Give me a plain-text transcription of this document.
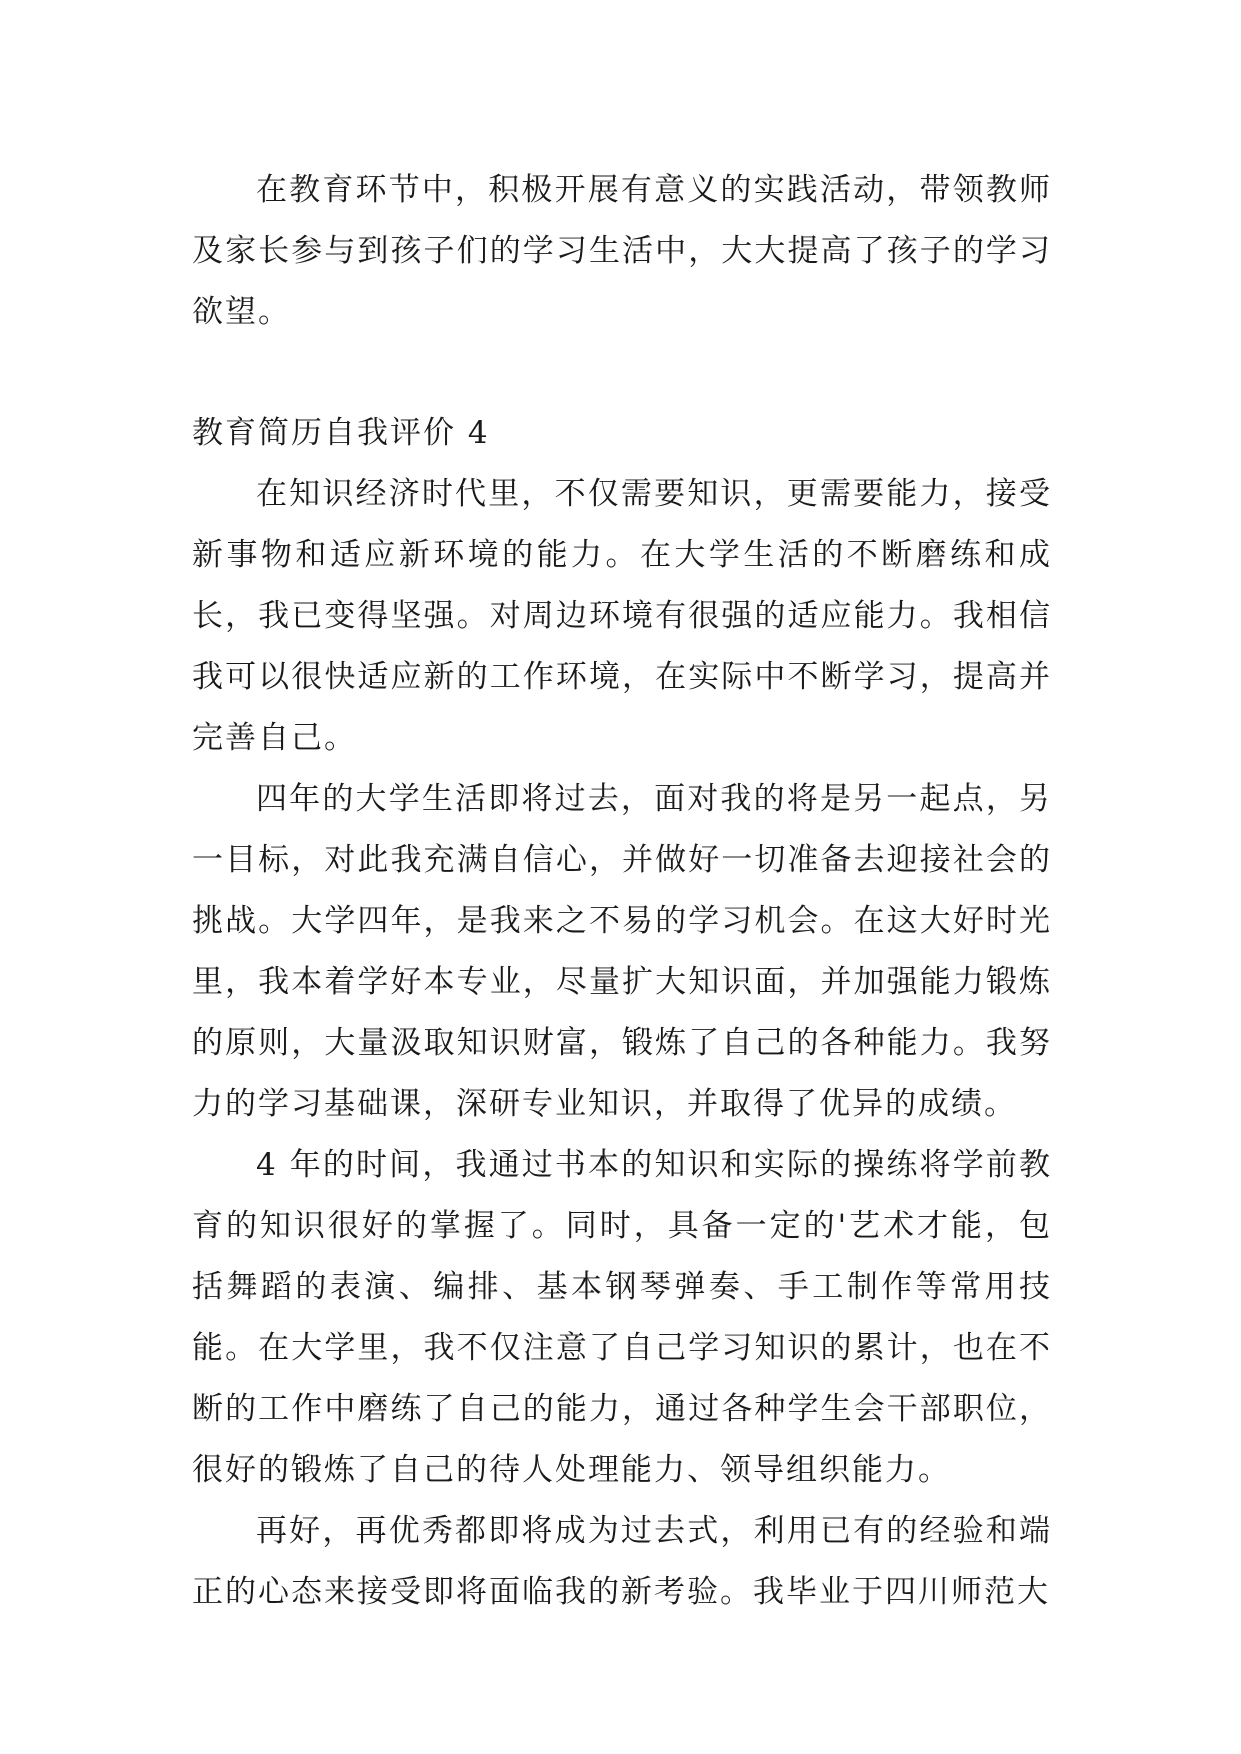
在教育环节中，积极开展有意义的实践活动，带领教师及家长参与到孩子们的学习生活中，大大提高了孩子的学习欲望。

教育简历自我评价 4

在知识经济时代里，不仅需要知识，更需要能力，接受新事物和适应新环境的能力。在大学生活的不断磨练和成长，我已变得坚强。对周边环境有很强的适应能力。我相信我可以很快适应新的工作环境，在实际中不断学习，提高并完善自己。

四年的大学生活即将过去，面对我的将是另一起点，另一目标，对此我充满自信心，并做好一切准备去迎接社会的挑战。大学四年，是我来之不易的学习机会。在这大好时光里，我本着学好本专业，尽量扩大知识面，并加强能力锻炼的原则，大量汲取知识财富，锻炼了自己的各种能力。我努力的学习基础课，深研专业知识，并取得了优异的成绩。

4 年的时间，我通过书本的知识和实际的操练将学前教育的知识很好的掌握了。同时，具备一定的'艺术才能，包括舞蹈的表演、编排、基本钢琴弹奏、手工制作等常用技能。在大学里，我不仅注意了自己学习知识的累计，也在不断的工作中磨练了自己的能力，通过各种学生会干部职位，很好的锻炼了自己的待人处理能力、领导组织能力。

再好，再优秀都即将成为过去式，利用已有的经验和端正的心态来接受即将面临我的新考验。我毕业于四川师范大
